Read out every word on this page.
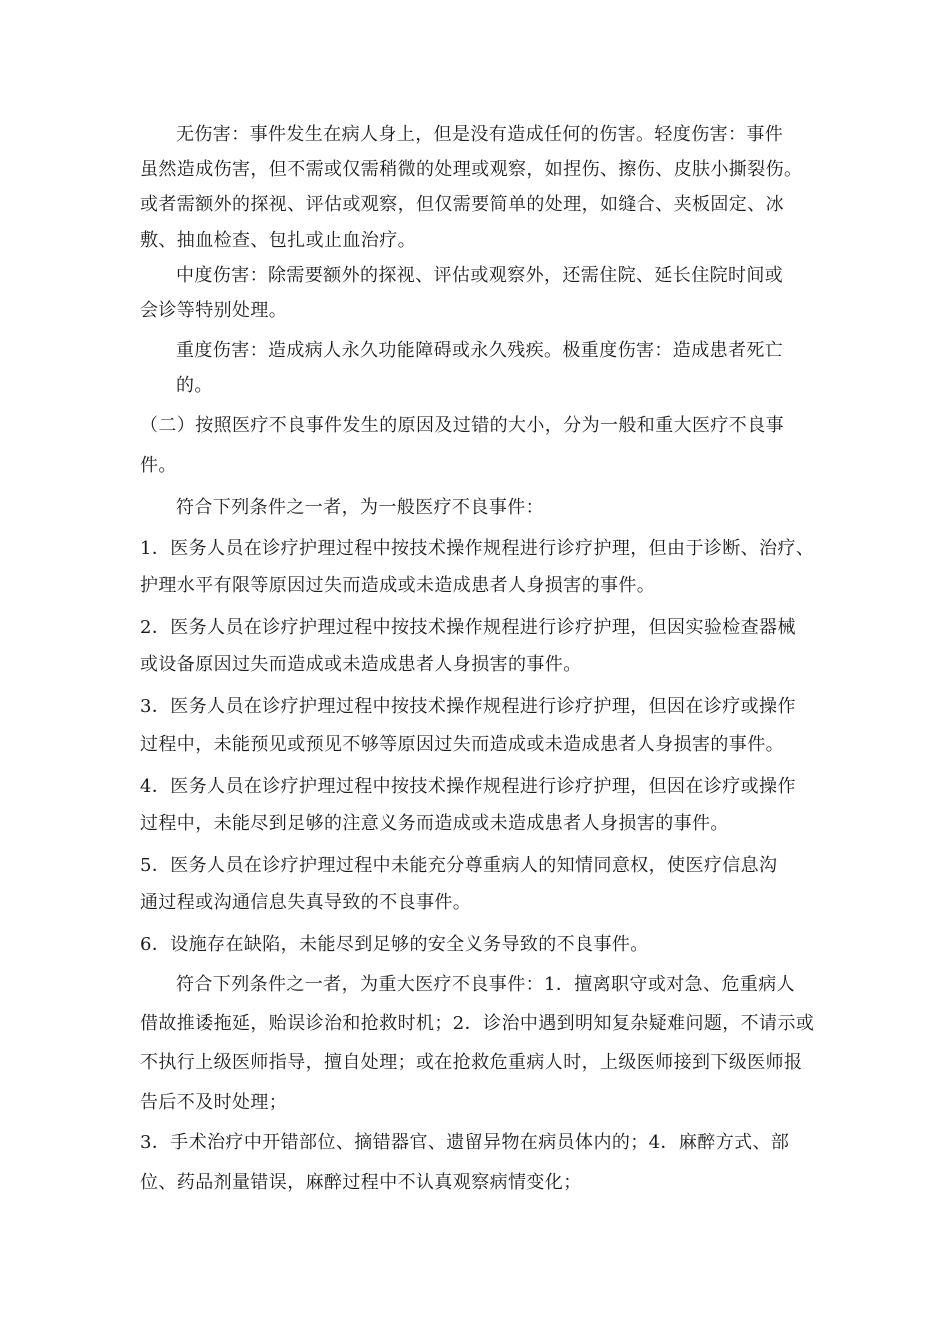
无伤害：事件发生在病人身上，但是没有造成任何的伤害。轻度伤害：事件
虽然造成伤害，但不需或仅需稍微的处理或观察，如捏伤、擦伤、皮肤小撕裂伤。
或者需额外的探视、评估或观察，但仅需要简单的处理，如缝合、夹板固定、冰
敷、抽血检查、包扎或止血治疗。
中度伤害：除需要额外的探视、评估或观察外，还需住院、延长住院时间或
会诊等特别处理。
重度伤害：造成病人永久功能障碍或永久残疾。极重度伤害：造成患者死亡
的。
（二）按照医疗不良事件发生的原因及过错的大小，分为一般和重大医疗不良事
件。
符合下列条件之一者，为一般医疗不良事件：
1．医务人员在诊疗护理过程中按技术操作规程进行诊疗护理，但由于诊断、治疗、
护理水平有限等原因过失而造成或未造成患者人身损害的事件。
2．医务人员在诊疗护理过程中按技术操作规程进行诊疗护理，但因实验检查器械
或设备原因过失而造成或未造成患者人身损害的事件。
3．医务人员在诊疗护理过程中按技术操作规程进行诊疗护理，但因在诊疗或操作
过程中，未能预见或预见不够等原因过失而造成或未造成患者人身损害的事件。
4．医务人员在诊疗护理过程中按技术操作规程进行诊疗护理，但因在诊疗或操作
过程中，未能尽到足够的注意义务而造成或未造成患者人身损害的事件。
5．医务人员在诊疗护理过程中未能充分尊重病人的知情同意权，使医疗信息沟
通过程或沟通信息失真导致的不良事件。
6．设施存在缺陷，未能尽到足够的安全义务导致的不良事件。
符合下列条件之一者，为重大医疗不良事件：1．擅离职守或对急、危重病人
借故推诿拖延，贻误诊治和抢救时机；2．诊治中遇到明知复杂疑难问题，不请示或
不执行上级医师指导，擅自处理；或在抢救危重病人时，上级医师接到下级医师报
告后不及时处理；
3．手术治疗中开错部位、摘错器官、遗留异物在病员体内的；4．麻醉方式、部
位、药品剂量错误，麻醉过程中不认真观察病情变化；
